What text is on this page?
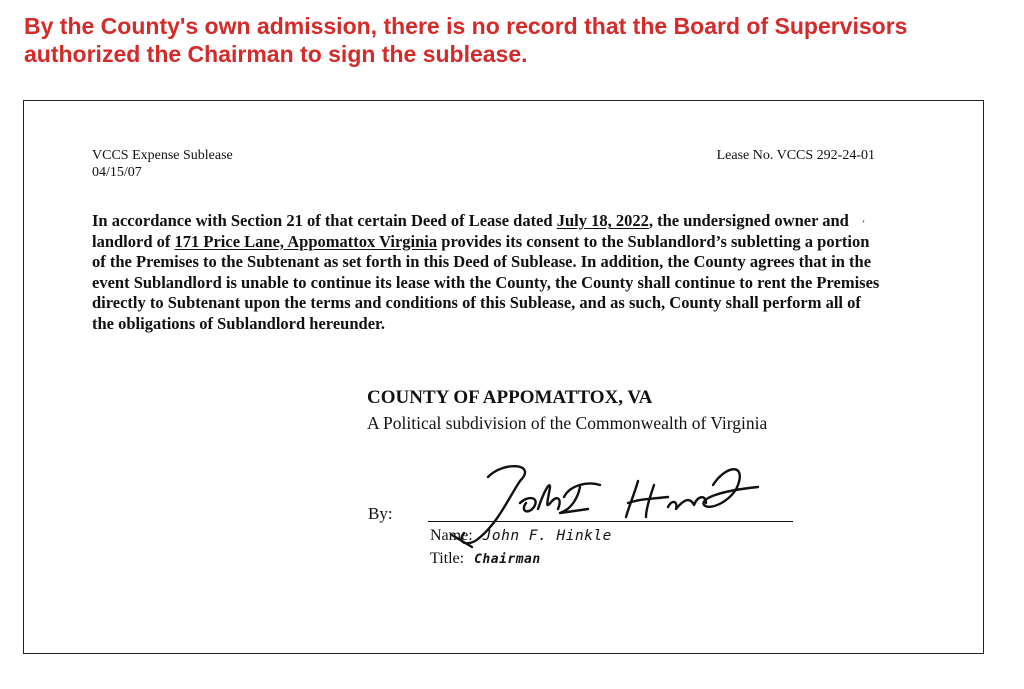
By the County's own admission, there is no record that the Board of Supervisors authorized the Chairman to sign the sublease.
VCCS Expense Sublease
04/15/07
Lease No. VCCS 292-24-01

In accordance with Section 21 of that certain Deed of Lease dated July 18, 2022, the undersigned owner and landlord of 171 Price Lane, Appomattox Virginia provides its consent to the Sublandlord’s subletting a portion of the Premises to the Subtenant as set forth in this Deed of Sublease. In addition, the County agrees that in the event Sublandlord is unable to continue its lease with the County, the County shall continue to rent the Premises directly to Subtenant upon the terms and conditions of this Sublease, and as such, County shall perform all of the obligations of Sublandlord hereunder.

‘
COUNTY OF APPOMATTOX, VA
A Political subdivision of the Commonwealth of Virginia
By:
Name: John F. Hinkle
Title: Chairman
